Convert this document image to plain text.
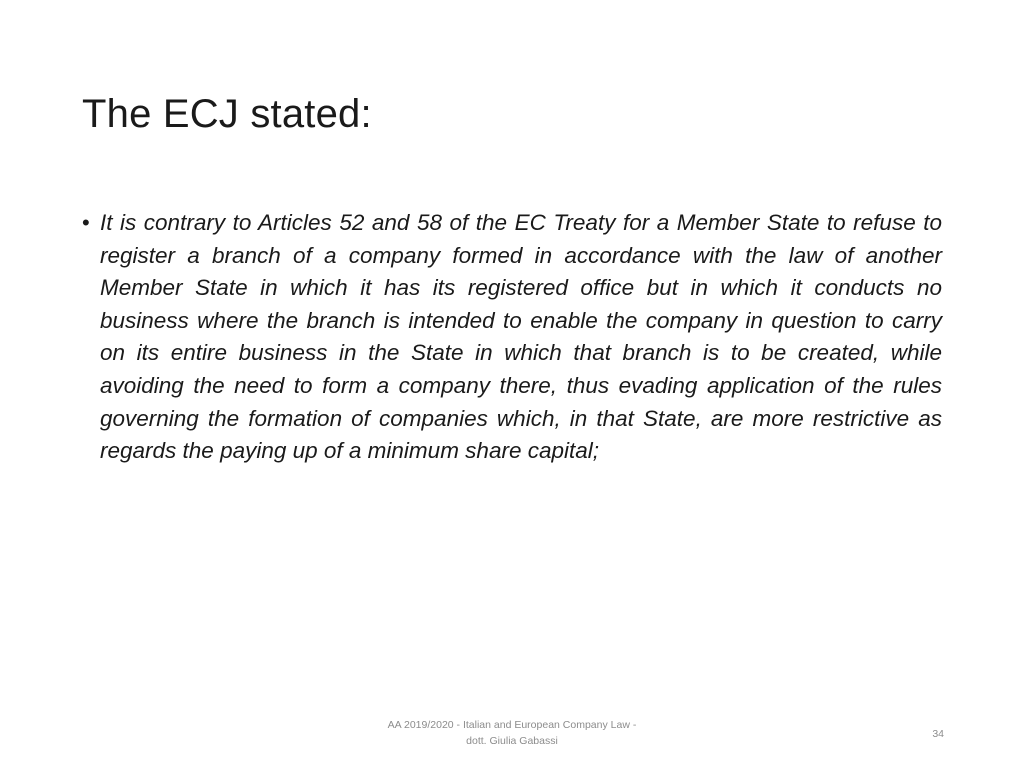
The ECJ stated:
• It is contrary to Articles 52 and 58 of the EC Treaty for a Member State to refuse to register a branch of a company formed in accordance with the law of another Member State in which it has its registered office but in which it conducts no business where the branch is intended to enable the company in question to carry on its entire business in the State in which that branch is to be created, while avoiding the need to form a company there, thus evading application of the rules governing the formation of companies which, in that State, are more restrictive as regards the paying up of a minimum share capital;

AA 2019/2020 - Italian and European Company Law -
dott. Giulia Gabassi
34
